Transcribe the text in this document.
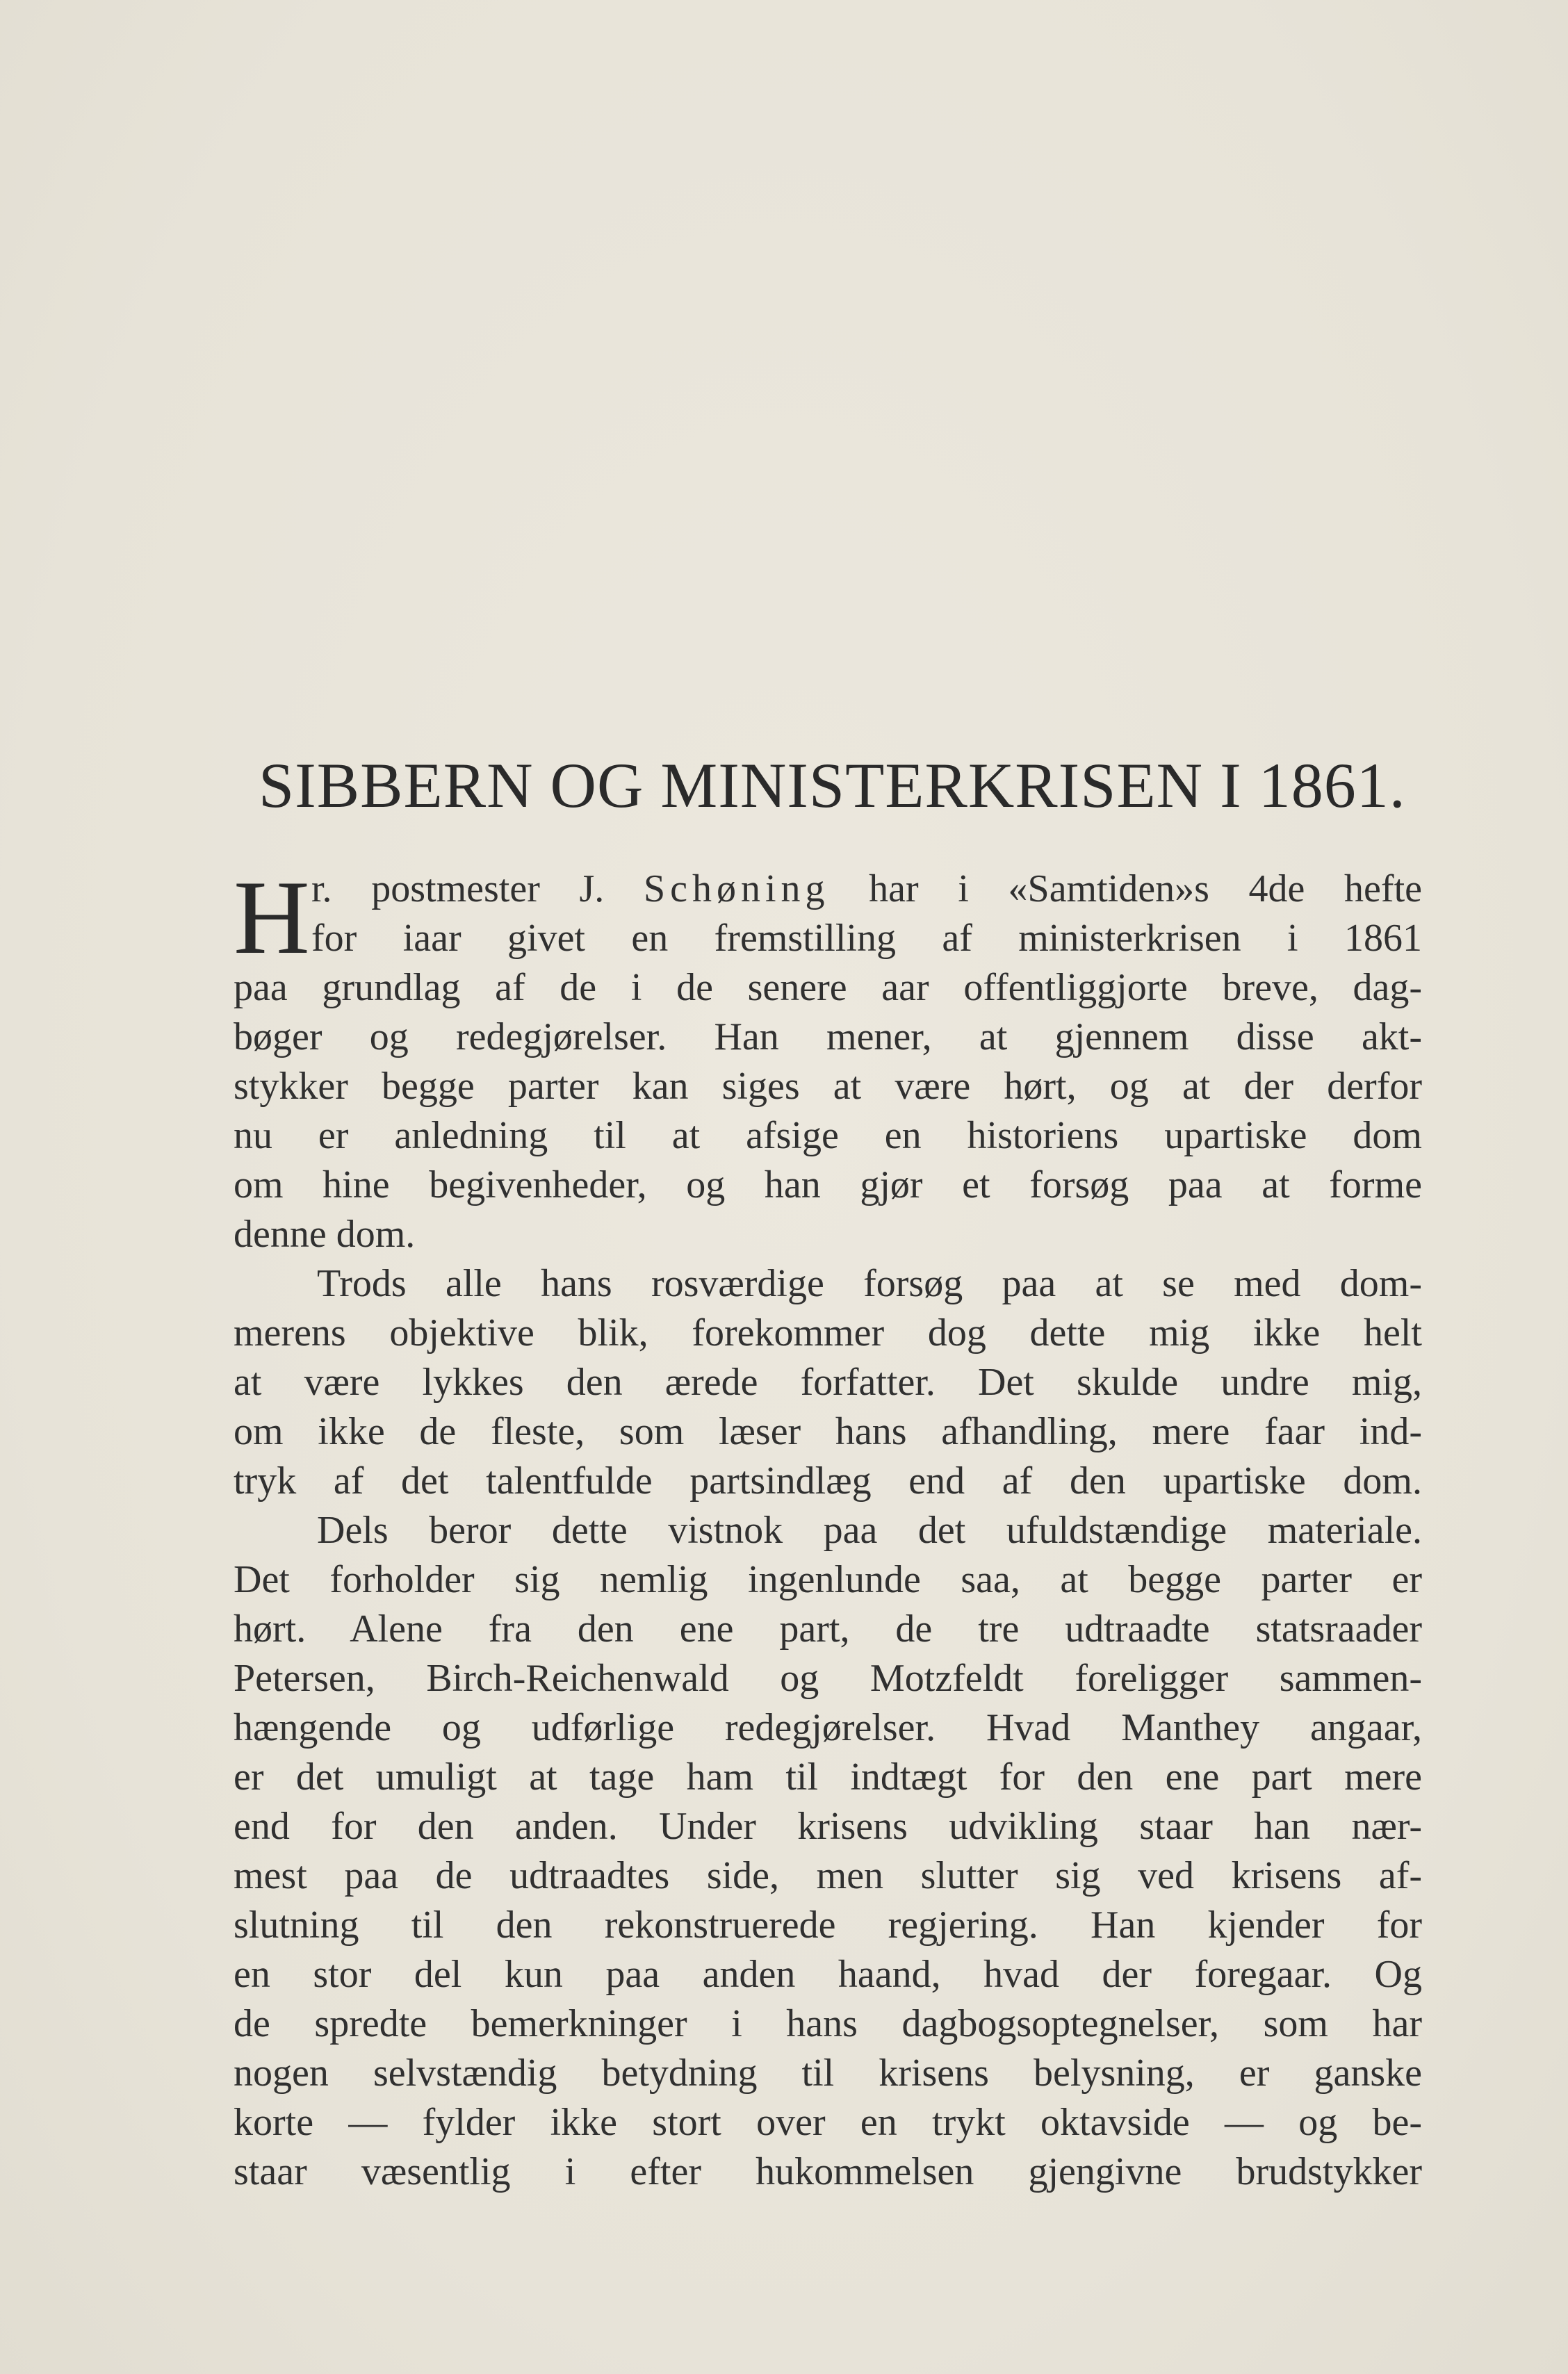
SIBBERN OG MINISTERKRISEN I 1861.
H r. postmester J. Schøning har i «Samtiden»s 4de hefte
for iaar givet en fremstilling af ministerkrisen i 1861
paa grundlag af de i de senere aar offentliggjorte breve, dag-
bøger og redegjørelser. Han mener, at gjennem disse akt-
stykker begge parter kan siges at være hørt, og at der derfor
nu er anledning til at afsige en historiens upartiske dom
om hine begivenheder, og han gjør et forsøg paa at forme
denne dom.
Trods alle hans rosværdige forsøg paa at se med dom-
merens objektive blik, forekommer dog dette mig ikke helt
at være lykkes den ærede forfatter. Det skulde undre mig,
om ikke de fleste, som læser hans afhandling, mere faar ind-
tryk af det talentfulde partsindlæg end af den upartiske dom.
Dels beror dette vistnok paa det ufuldstændige materiale.
Det forholder sig nemlig ingenlunde saa, at begge parter er
hørt. Alene fra den ene part, de tre udtraadte statsraader
Petersen, Birch-Reichenwald og Motzfeldt foreligger sammen-
hængende og udførlige redegjørelser. Hvad Manthey angaar,
er det umuligt at tage ham til indtægt for den ene part mere
end for den anden. Under krisens udvikling staar han nær-
mest paa de udtraadtes side, men slutter sig ved krisens af-
slutning til den rekonstruerede regjering. Han kjender for
en stor del kun paa anden haand, hvad der foregaar. Og
de spredte bemerkninger i hans dagbogsoptegnelser, som har
nogen selvstændig betydning til krisens belysning, er ganske
korte — fylder ikke stort over en trykt oktavside — og be-
staar væsentlig i efter hukommelsen gjengivne brudstykker
